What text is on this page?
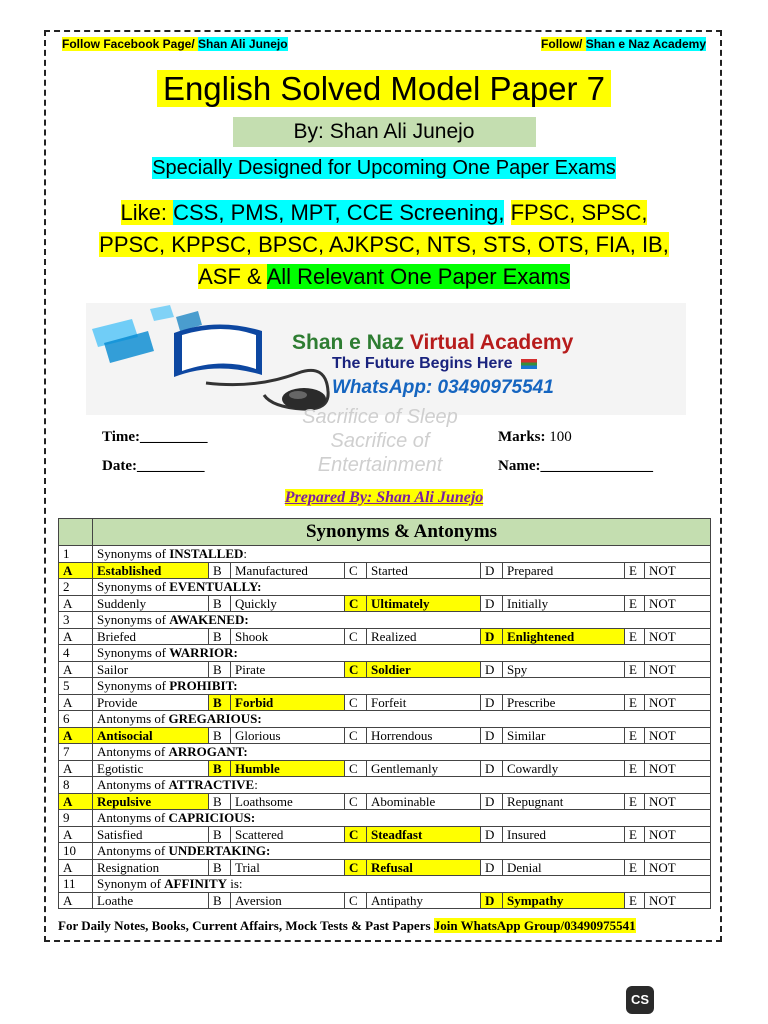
Follow Facebook Page/ Shan Ali Junejo	Follow/ Shan e Naz Academy
English Solved Model Paper 7
By: Shan Ali Junejo
Specially Designed for Upcoming One Paper Exams
Like: CSS, PMS, MPT, CCE Screening, FPSC, SPSC,
PPSC, KPPSC, BPSC, AJKPSC, NTS, STS, OTS, FIA, IB,
ASF & All Relevant One Paper Exams
Shan e Naz Virtual Academy
The Future Begins Here
WhatsApp: 03490975541
Sacrifice of Sleep
Sacrifice of
Entertainment
Time:_________	Marks: 100
Date:_________	Name:_______________
Prepared By: Shan Ali Junejo
	Synonyms & Antonyms								
1	Synonyms of INSTALLED:								
A	Established	B	Manufactured	C	Started	D	Prepared	E	NOT
2	Synonyms of EVENTUALLY:								
A	Suddenly	B	Quickly	C	Ultimately	D	Initially	E	NOT
3	Synonyms of AWAKENED:								
A	Briefed	B	Shook	C	Realized	D	Enlightened	E	NOT
4	Synonyms of WARRIOR:								
A	Sailor	B	Pirate	C	Soldier	D	Spy	E	NOT
5	Synonyms of PROHIBIT:								
A	Provide	B	Forbid	C	Forfeit	D	Prescribe	E	NOT
6	Antonyms of GREGARIOUS:								
A	Antisocial	B	Glorious	C	Horrendous	D	Similar	E	NOT
7	Antonyms of ARROGANT:								
A	Egotistic	B	Humble	C	Gentlemanly	D	Cowardly	E	NOT
8	Antonyms of ATTRACTIVE:								
A	Repulsive	B	Loathsome	C	Abominable	D	Repugnant	E	NOT
9	Antonyms of CAPRICIOUS:								
A	Satisfied	B	Scattered	C	Steadfast	D	Insured	E	NOT
10	Antonyms of UNDERTAKING:								
A	Resignation	B	Trial	C	Refusal	D	Denial	E	NOT
11	Synonym of AFFINITY is:								
A	Loathe	B	Aversion	C	Antipathy	D	Sympathy	E	NOT
For Daily Notes, Books, Current Affairs, Mock Tests & Past Papers Join WhatsApp Group/03490975541
CS
